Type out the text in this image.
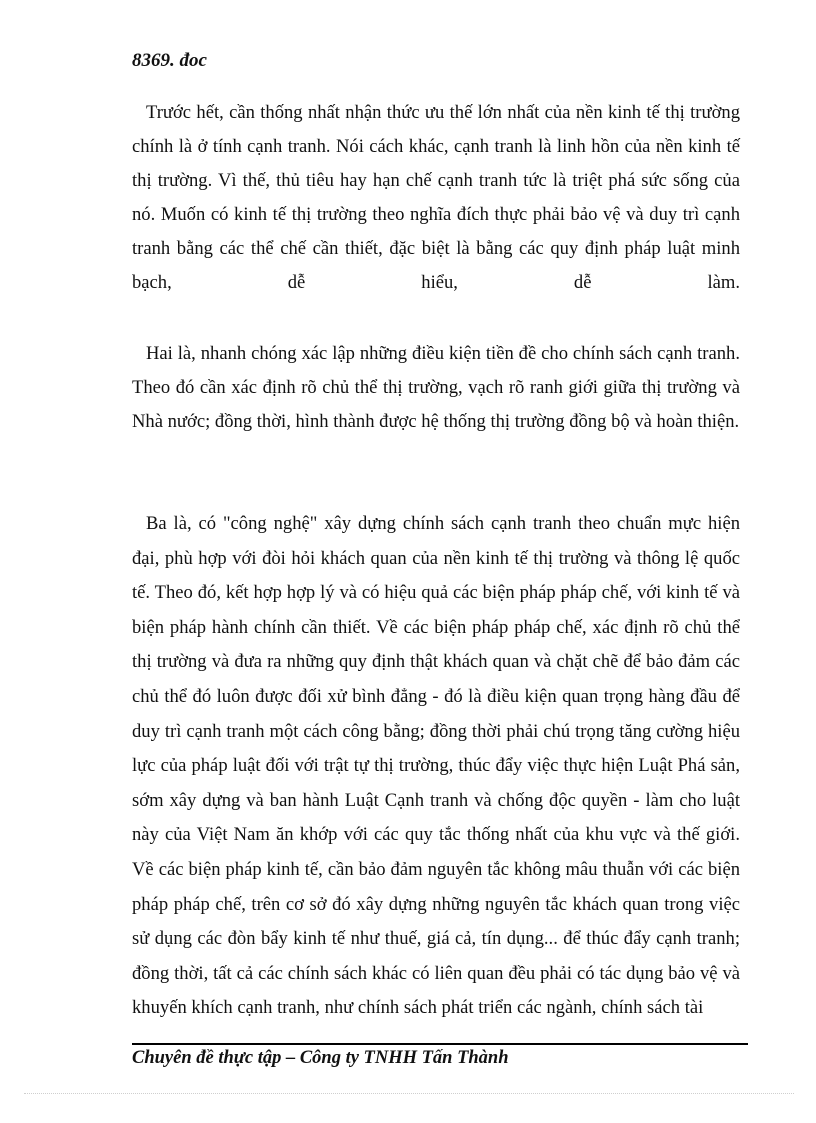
8369. đoc

Trước hết, cần thống nhất nhận thức ưu thế lớn nhất của nền kinh tế thị trường chính là ở tính cạnh tranh. Nói cách khác, cạnh tranh là linh hồn của nền kinh tế thị trường. Vì thế, thủ tiêu hay hạn chế cạnh tranh tức là triệt phá sức sống của nó. Muốn có kinh tế thị trường theo nghĩa đích thực phải bảo vệ và duy trì cạnh tranh bằng các thể chế cần thiết, đặc biệt là bằng các quy định pháp luật minh bạch, dễ hiểu, dễ làm.

Hai là, nhanh chóng xác lập những điều kiện tiền đề cho chính sách cạnh tranh. Theo đó cần xác định rõ chủ thể thị trường, vạch rõ ranh giới giữa thị trường và Nhà nước; đồng thời, hình thành được hệ thống thị trường đồng bộ và hoàn thiện.

Ba là, có "công nghệ" xây dựng chính sách cạnh tranh theo chuẩn mực hiện đại, phù hợp với đòi hỏi khách quan của nền kinh tế thị trường và thông lệ quốc tế. Theo đó, kết hợp hợp lý và có hiệu quả các biện pháp pháp chế, với kinh tế và biện pháp hành chính cần thiết. Về các biện pháp pháp chế, xác định rõ chủ thể thị trường và đưa ra những quy định thật khách quan và chặt chẽ để bảo đảm các chủ thể đó luôn được đối xử bình đẳng - đó là điều kiện quan trọng hàng đầu để duy trì cạnh tranh một cách công bằng; đồng thời phải chú trọng tăng cường hiệu lực của pháp luật đối với trật tự thị trường, thúc đẩy việc thực hiện Luật Phá sản, sớm xây dựng và ban hành Luật Cạnh tranh và chống độc quyền - làm cho luật này của Việt Nam ăn khớp với các quy tắc thống nhất của khu vực và thế giới. Về các biện pháp kinh tế, cần bảo đảm nguyên tắc không mâu thuẫn với các biện pháp pháp chế, trên cơ sở đó xây dựng những nguyên tắc khách quan trong việc sử dụng các đòn bẩy kinh tế như thuế, giá cả, tín dụng... để thúc đẩy cạnh tranh; đồng thời, tất cả các chính sách khác có liên quan đều phải có tác dụng bảo vệ và khuyến khích cạnh tranh, như chính sách phát triển các ngành, chính sách tài

Chuyên đề thực tập – Công ty TNHH Tấn Thành
